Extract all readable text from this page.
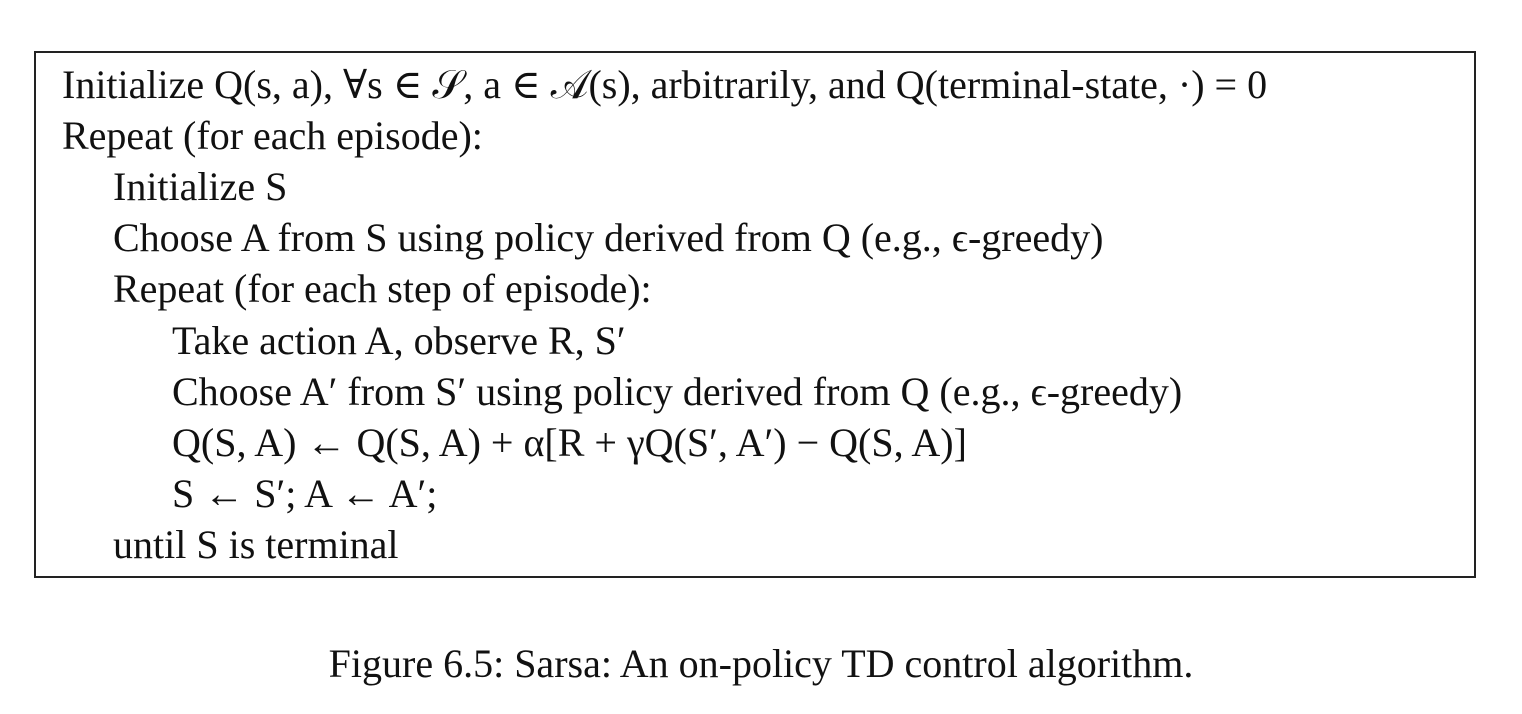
Initialize Q(s, a), ∀s ∈ 𝒮, a ∈ 𝒜(s), arbitrarily, and Q(terminal-state, ·) = 0
Repeat (for each episode):
Initialize S
Choose A from S using policy derived from Q (e.g., ϵ-greedy)
Repeat (for each step of episode):
Take action A, observe R, S′
Choose A′ from S′ using policy derived from Q (e.g., ϵ-greedy)
Q(S, A) ← Q(S, A) + α[R + γQ(S′, A′) − Q(S, A)]
S ← S′; A ← A′;
until S is terminal
Figure 6.5: Sarsa: An on-policy TD control algorithm.
